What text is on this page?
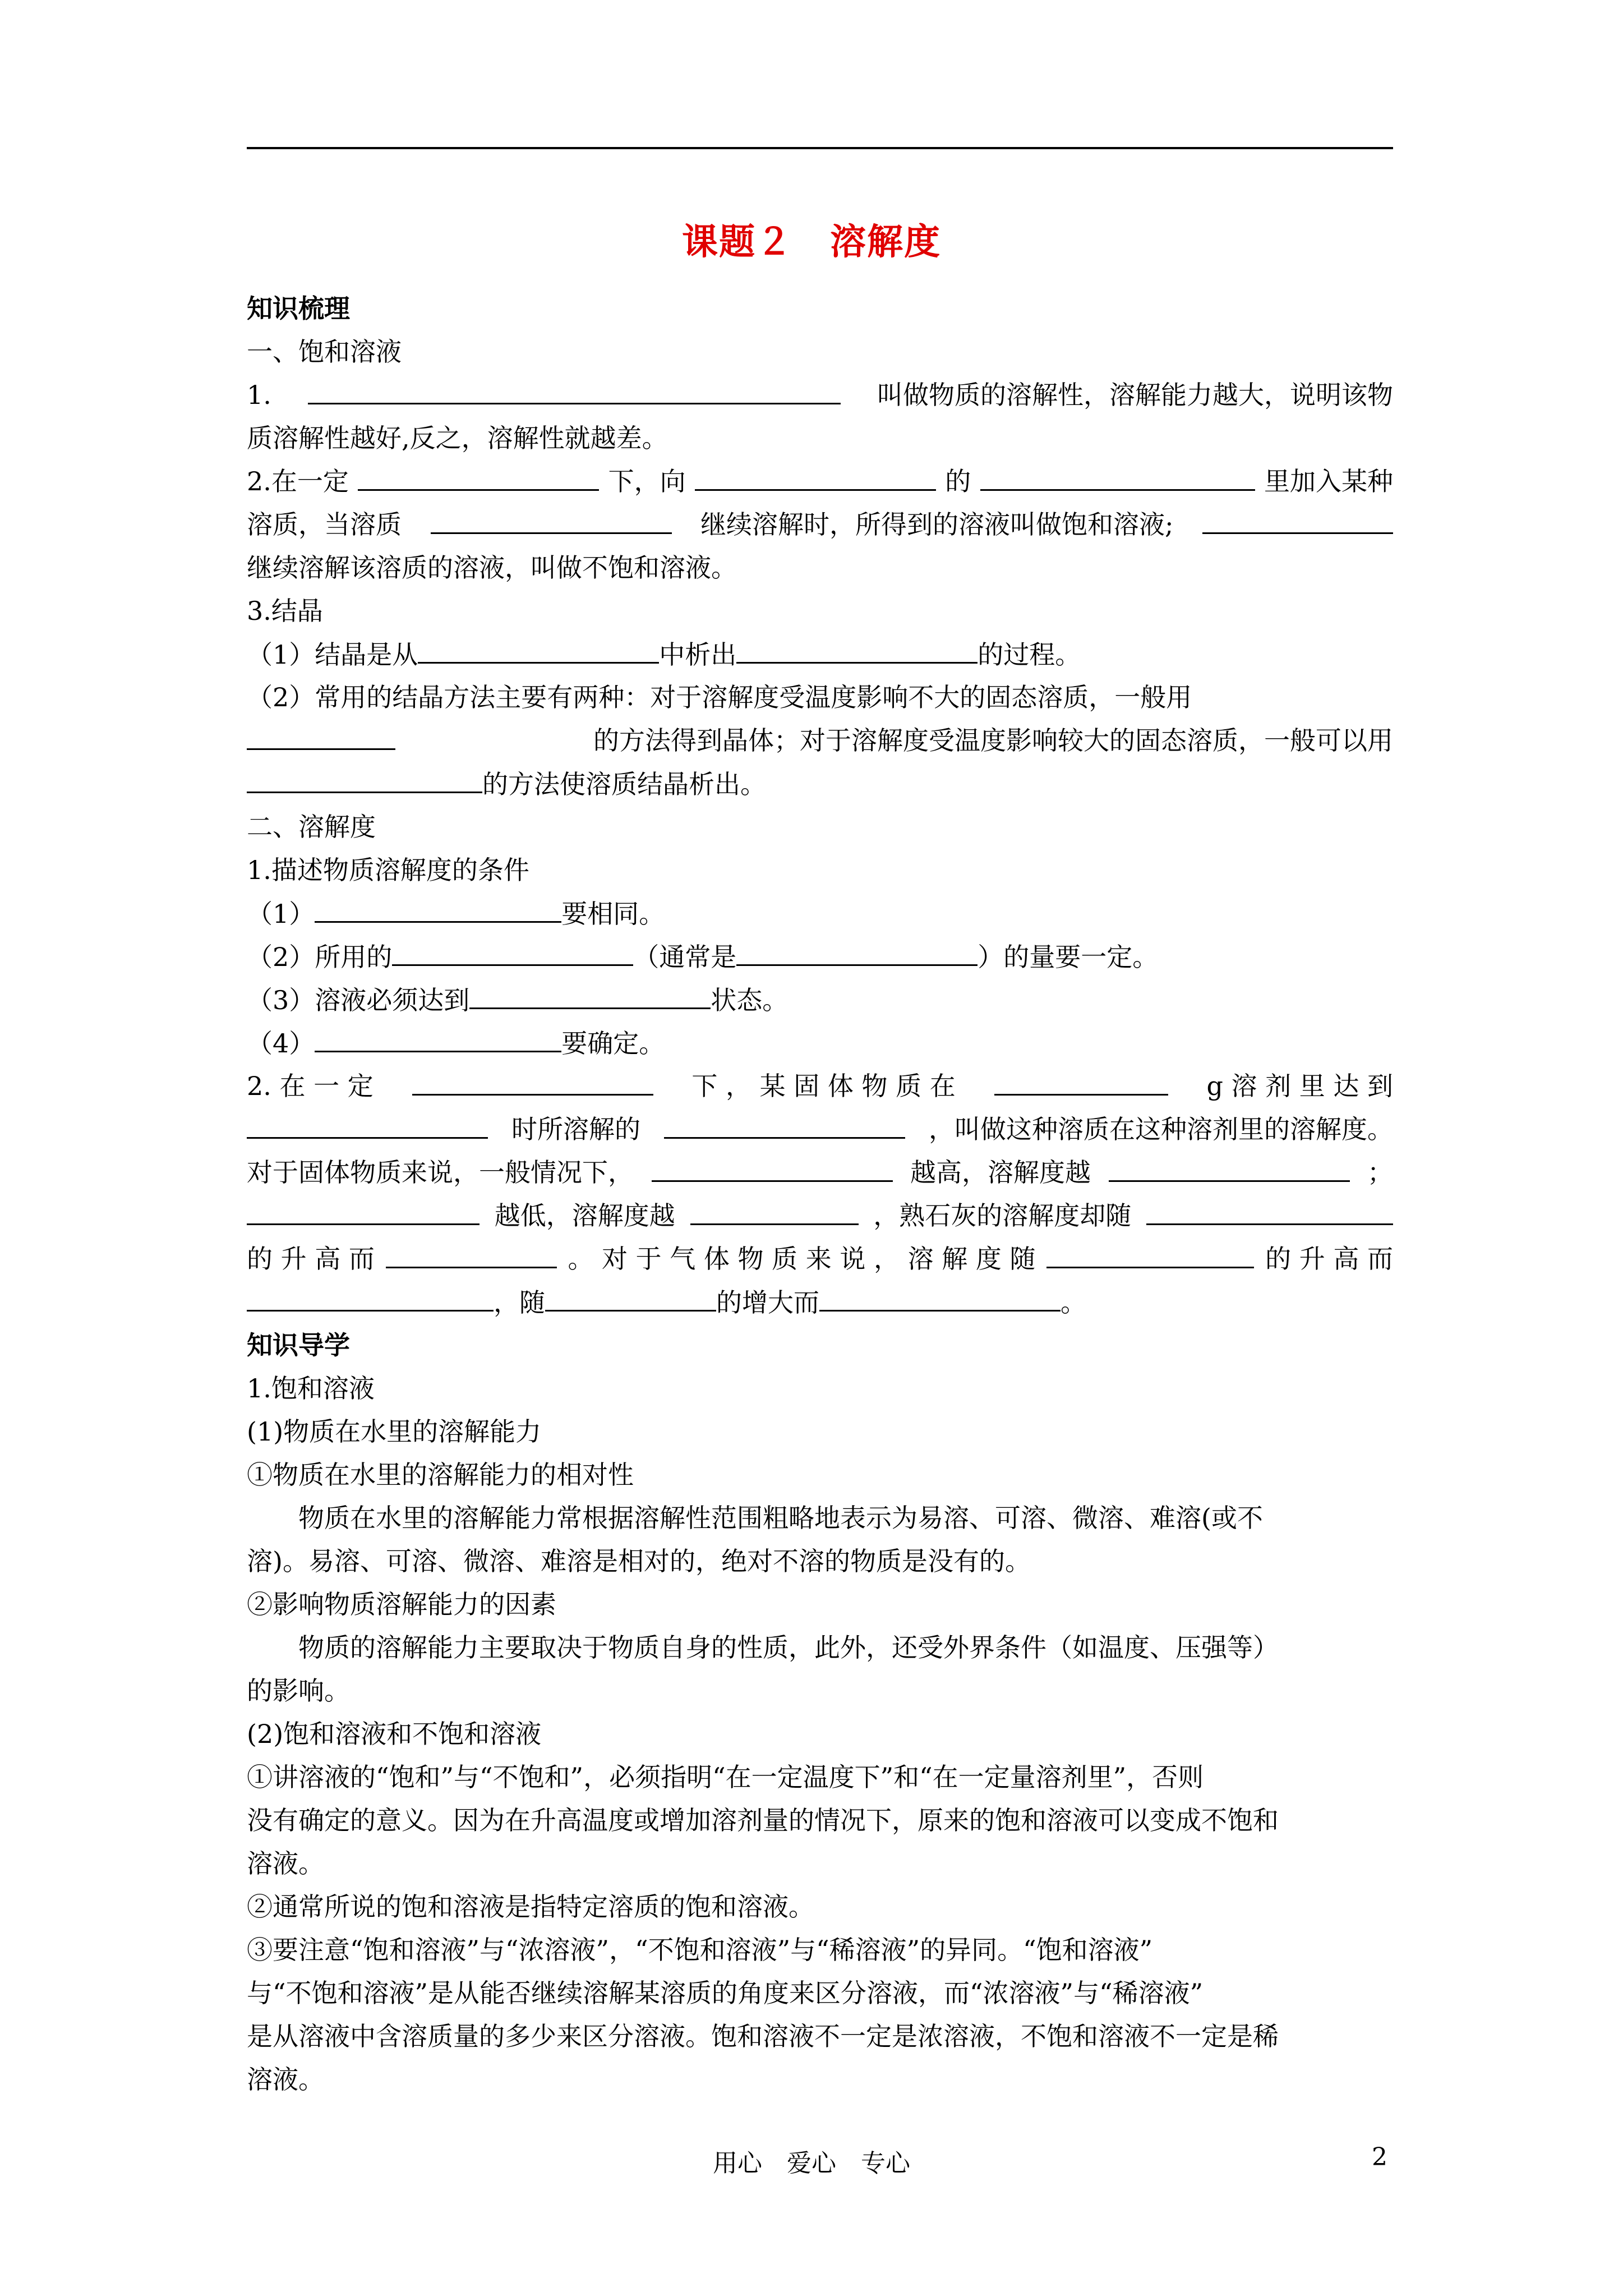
课题２　溶解度
知识梳理
一、饱和溶液
1.	叫做物质的溶解性，溶解能力越大，说明该物
质溶解性越好,反之，溶解性就越差。
2.在一定	下，向	的	里加入某种
溶质，当溶质	继续溶解时，所得到的溶液叫做饱和溶液;
继续溶解该溶质的溶液，叫做不饱和溶液。
3.结晶
（1）结晶是从	中析出	的过程。
（2）常用的结晶方法主要有两种：对于溶解度受温度影响不大的固态溶质，一般用
的方法得到晶体；对于溶解度受温度影响较大的固态溶质，一般可以用
的方法使溶质结晶析出。
二、溶解度
1.描述物质溶解度的条件
（1）	要相同。
（2）所用的	（通常是	）的量要一定。
（3）溶液必须达到	状态。
（4）	要确定。
2. 在 一 定	下 ， 某 固 体 物 质 在	g 溶 剂 里 达 到
时所溶解的	，叫做这种溶质在这种溶剂里的溶解度。
对于固体物质来说，一般情况下，	越高，溶解度越	；
越低，溶解度越	，熟石灰的溶解度却随
的 升 高 而	。 对 于 气 体 物 质 来 说 ， 溶 解 度 随	的 升 高 而
，随	的增大而	。
知识导学
1.饱和溶液
(1)物质在水里的溶解能力
①物质在水里的溶解能力的相对性
物质在水里的溶解能力常根据溶解性范围粗略地表示为易溶、可溶、微溶、难溶(或不
溶)。易溶、可溶、微溶、难溶是相对的，绝对不溶的物质是没有的。
②影响物质溶解能力的因素
物质的溶解能力主要取决于物质自身的性质，此外，还受外界条件（如温度、压强等）
的影响。
(2)饱和溶液和不饱和溶液
①讲溶液的“饱和”与“不饱和”，必须指明“在一定温度下”和“在一定量溶剂里”，否则
没有确定的意义。因为在升高温度或增加溶剂量的情况下，原来的饱和溶液可以变成不饱和
溶液。
②通常所说的饱和溶液是指特定溶质的饱和溶液。
③要注意“饱和溶液”与“浓溶液”，“不饱和溶液”与“稀溶液”的异同。“饱和溶液”
与“不饱和溶液”是从能否继续溶解某溶质的角度来区分溶液，而“浓溶液”与“稀溶液”
是从溶液中含溶质量的多少来区分溶液。饱和溶液不一定是浓溶液，不饱和溶液不一定是稀
溶液。
用心　爱心　专心	2
